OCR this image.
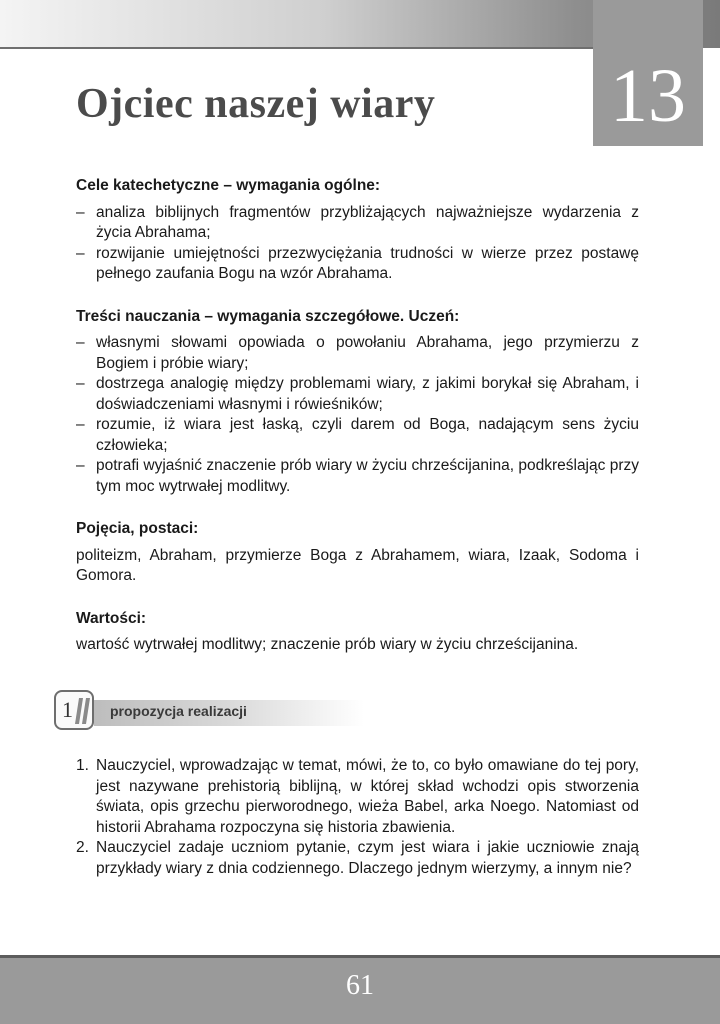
13
Ojciec naszej wiary
Cele katechetyczne – wymagania ogólne:
– analiza biblijnych fragmentów przybliżających najważniejsze wydarzenia z życia Abrahama;
– rozwijanie umiejętności przezwyciężania trudności w wierze przez postawę pełnego zaufania Bogu na wzór Abrahama.
Treści nauczania – wymagania szczegółowe. Uczeń:
– własnymi słowami opowiada o powołaniu Abrahama, jego przymierzu z Bogiem i próbie wiary;
– dostrzega analogię między problemami wiary, z jakimi borykał się Abraham, i doświadczeniami własnymi i rówieśników;
– rozumie, iż wiara jest łaską, czyli darem od Boga, nadającym sens życiu człowieka;
– potrafi wyjaśnić znaczenie prób wiary w życiu chrześcijanina, podkreślając przy tym moc wytrwałej modlitwy.
Pojęcia, postaci:

politeizm, Abraham, przymierze Boga z Abrahamem, wiara, Izaak, Sodoma i Gomora.

Wartości:

wartość wytrwałej modlitwy; znaczenie prób wiary w życiu chrześcijanina.

propozycja realizacji
1
1. Nauczyciel, wprowadzając w temat, mówi, że to, co było omawiane do tej pory, jest nazywane prehistorią biblijną, w której skład wchodzi opis stworzenia świata, opis grzechu pierworodnego, wieża Babel, arka Noego. Natomiast od historii Abrahama rozpoczyna się historia zbawienia.
2. Nauczyciel zadaje uczniom pytanie, czym jest wiara i jakie uczniowie znają przykłady wiary z dnia codziennego. Dlaczego jednym wierzymy, a innym nie?
61
